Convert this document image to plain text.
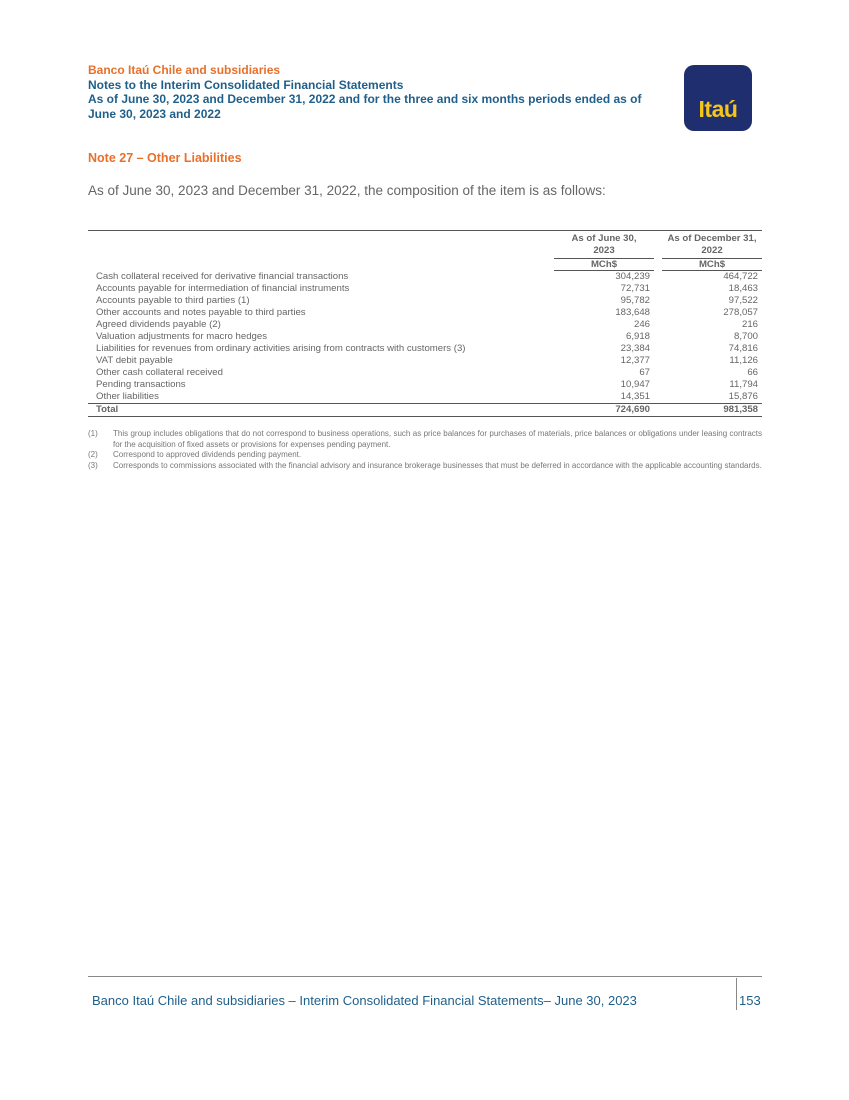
Banco Itaú Chile and subsidiaries
Notes to the Interim Consolidated Financial Statements
As of June 30, 2023 and December 31, 2022 and for the three and six months periods ended as of
June 30, 2023 and 2022	Itaú
Note 27 – Other Liabilities
As of June 30, 2023 and December 31, 2022, the composition of the item is as follows:
	As of June 30,
2023		As of December 31,
2022
	MCh$		MCh$
Cash collateral received for derivative financial transactions	304,239		464,722
Accounts payable for intermediation of financial instruments	72,731		18,463
Accounts payable to third parties (1)	95,782		97,522
Other accounts and notes payable to third parties	183,648		278,057
Agreed dividends payable (2)	246		216
Valuation adjustments for macro hedges	6,918		8,700
Liabilities for revenues from ordinary activities arising from contracts with customers (3)	23,384		74,816
VAT debit payable	12,377		11,126
Other cash collateral received	67		66
Pending transactions	10,947		11,794
Other liabilities	14,351		15,876
Total	724,690		981,358
(1)	This group includes obligations that do not correspond to business operations, such as price balances for purchases of materials, price balances or obligations under leasing contracts for the acquisition of fixed assets or provisions for expenses pending payment.
(2)	Correspond to approved dividends pending payment.
(3)	Corresponds to commissions associated with the financial advisory and insurance brokerage businesses that must be deferred in accordance with the applicable accounting standards.
Banco Itaú Chile and subsidiaries – Interim Consolidated Financial Statements– June 30, 2023	153
